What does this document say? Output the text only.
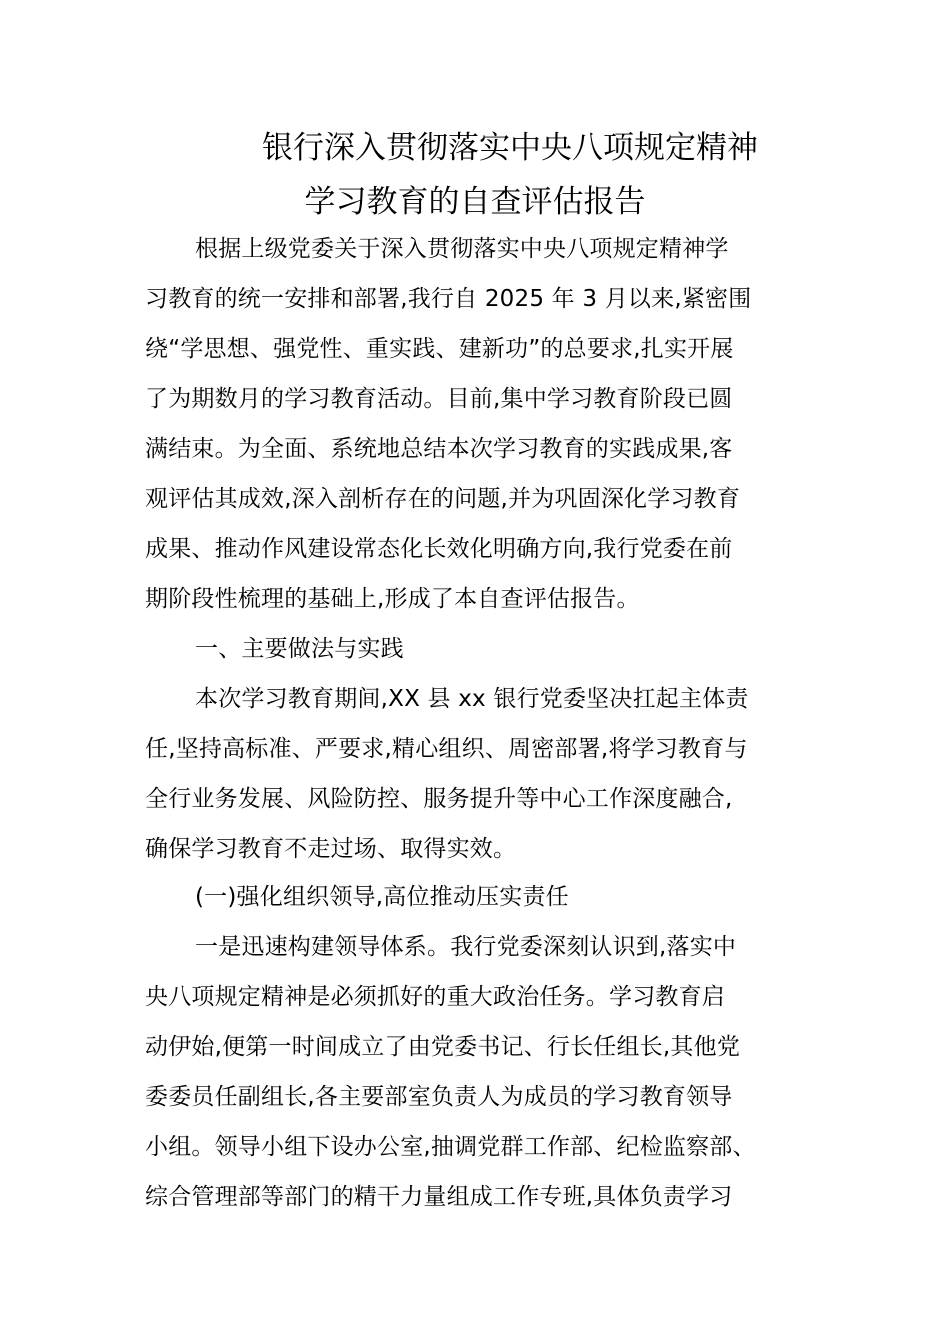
银行深入贯彻落实中央八项规定精神
学习教育的自查评估报告
根据上级党委关于深入贯彻落实中央八项规定精神学
习教育的统一安排和部署,我行自 2025 年 3 月以来,紧密围
绕“学思想、强党性、重实践、建新功”的总要求,扎实开展
了为期数月的学习教育活动。目前,集中学习教育阶段已圆
满结束。为全面、系统地总结本次学习教育的实践成果,客
观评估其成效,深入剖析存在的问题,并为巩固深化学习教育
成果、推动作风建设常态化长效化明确方向,我行党委在前
期阶段性梳理的基础上,形成了本自查评估报告。
一、主要做法与实践
本次学习教育期间,XX 县 xx 银行党委坚决扛起主体责
任,坚持高标准、严要求,精心组织、周密部署,将学习教育与
全行业务发展、风险防控、服务提升等中心工作深度融合,
确保学习教育不走过场、取得实效。
(一)强化组织领导,高位推动压实责任
一是迅速构建领导体系。我行党委深刻认识到,落实中
央八项规定精神是必须抓好的重大政治任务。学习教育启
动伊始,便第一时间成立了由党委书记、行长任组长,其他党
委委员任副组长,各主要部室负责人为成员的学习教育领导
小组。领导小组下设办公室,抽调党群工作部、纪检监察部、
综合管理部等部门的精干力量组成工作专班,具体负责学习
